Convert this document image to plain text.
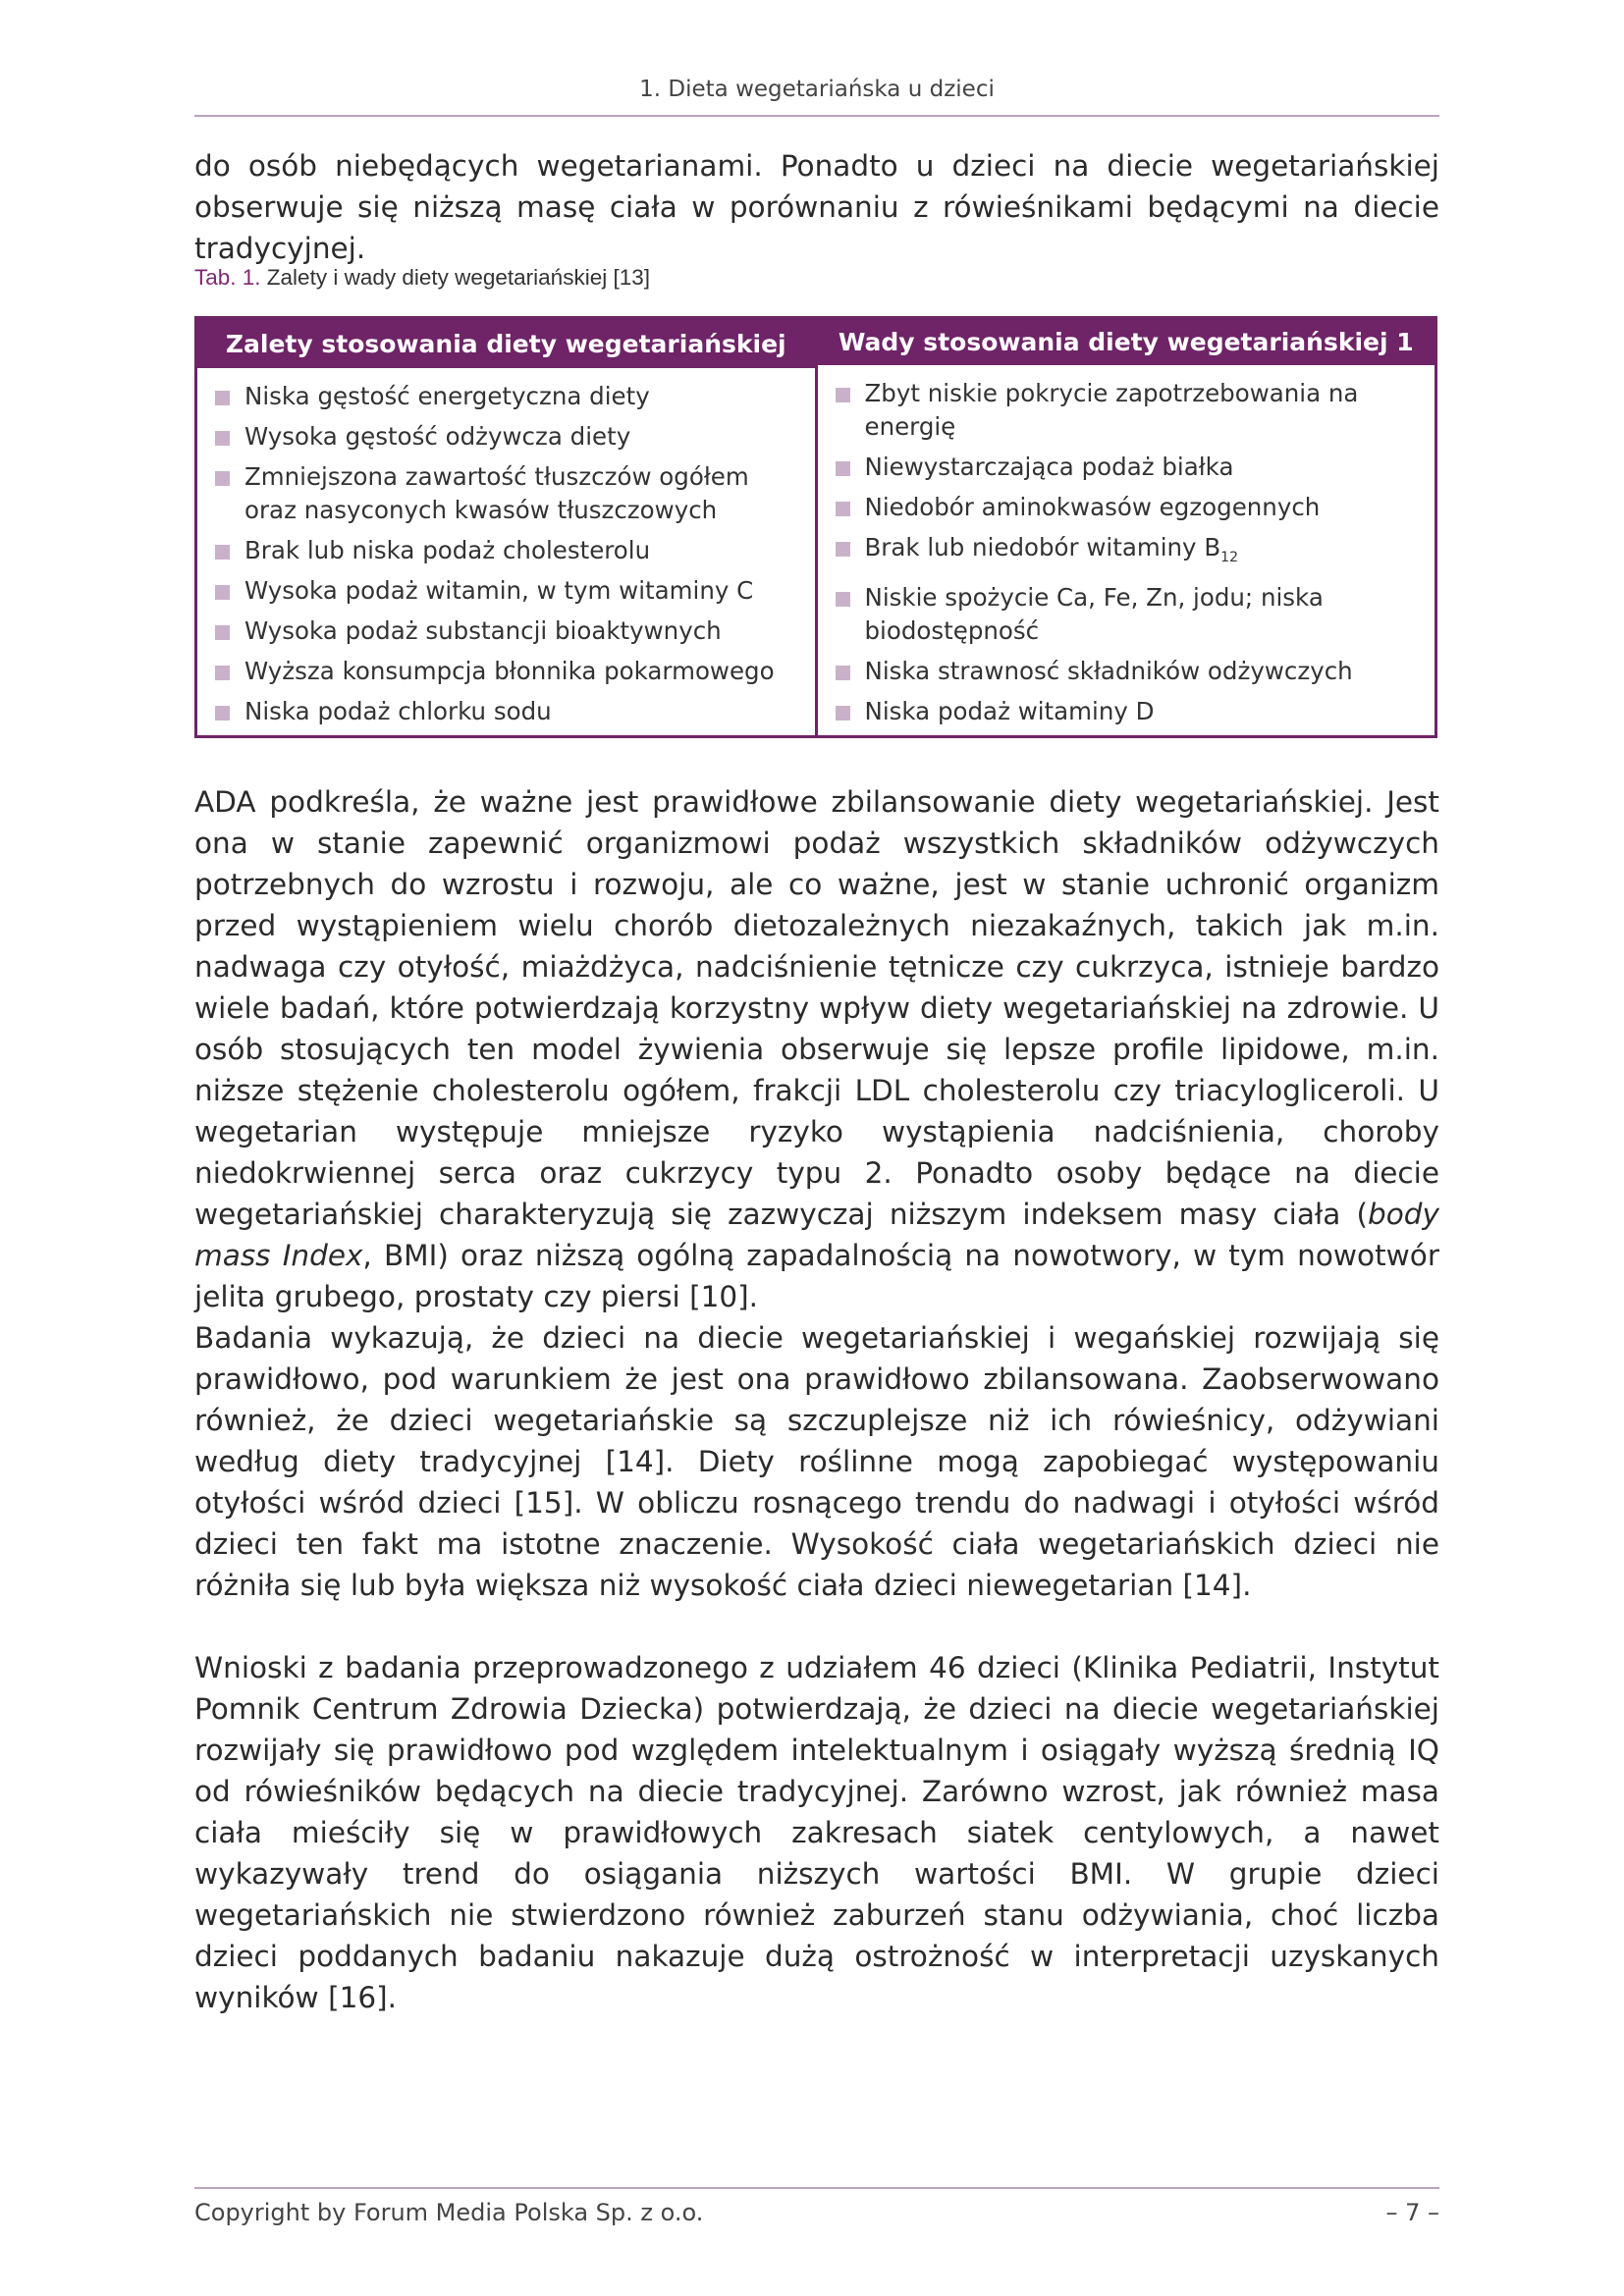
1. Dieta wegetariańska u dzieci

do osób niebędących wegetarianami. Ponadto u dzieci na diecie wegetariańskiej obserwuje się niższą masę ciała w porównaniu z rówieśnikami będącymi na diecie tradycyjnej.

Tab. 1. Zalety i wady diety wegetariańskiej [13]
Zalety stosowania diety wegetariańskiej
Niska gęstość energetyczna diety
Wysoka gęstość odżywcza diety
Zmniejszona zawartość tłuszczów ogółem oraz nasyconych kwasów tłuszczowych
Brak lub niska podaż cholesterolu
Wysoka podaż witamin, w tym witaminy C
Wysoka podaż substancji bioaktywnych
Wyższa konsumpcja błonnika pokarmowego
Niska podaż chlorku sodu
Wady stosowania diety wegetariańskiej 1
Zbyt niskie pokrycie zapotrzebowania na energię
Niewystarczająca podaż białka
Niedobór aminokwasów egzogennych
Brak lub niedobór witaminy $B_{12}$
Niskie spożycie Ca, Fe, Zn, jodu; niska biodostępność
Niska strawnosć składników odżywczych
Niska podaż witaminy D

ADA podkreśla, że ważne jest prawidłowe zbilansowanie diety wegetariańskiej. Jest ona w stanie zapewnić organizmowi podaż wszystkich składników odżywczych potrzebnych do wzrostu i rozwoju, ale co ważne, jest w stanie uchronić organizm przed wystąpieniem wielu chorób dietozależnych niezakaźnych, takich jak m.in. nadwaga czy otyłość, miażdżyca, nadciśnienie tętnicze czy cukrzyca, istnieje bardzo wiele badań, które potwierdzają korzystny wpływ diety wegetariańskiej na zdrowie. U osób stosujących ten model żywienia obserwuje się lepsze profile lipidowe, m.in. niższe stężenie cholesterolu ogółem, frakcji LDL cholesterolu czy triacylogliceroli. U wegetarian występuje mniejsze ryzyko wystąpienia nadciśnienia, choroby niedokrwiennej serca oraz cukrzycy typu 2. Ponadto osoby będące na diecie wegetariańskiej charakteryzują się zazwyczaj niższym indeksem masy ciała (body mass Index, BMI) oraz niższą ogólną zapadalnością na nowotwory, w tym nowotwór jelita grubego, prostaty czy piersi [10].

Badania wykazują, że dzieci na diecie wegetariańskiej i wegańskiej rozwijają się prawidłowo, pod warunkiem że jest ona prawidłowo zbilansowana. Zaobserwowano również, że dzieci wegetariańskie są szczuplejsze niż ich rówieśnicy, odżywiani według diety tradycyjnej [14]. Diety roślinne mogą zapobiegać występowaniu otyłości wśród dzieci [15]. W obliczu rosnącego trendu do nadwagi i otyłości wśród dzieci ten fakt ma istotne znaczenie. Wysokość ciała wegetariańskich dzieci nie różniła się lub była większa niż wysokość ciała dzieci niewegetarian [14].

Wnioski z badania przeprowadzonego z udziałem 46 dzieci (Klinika Pediatrii, Instytut Pomnik Centrum Zdrowia Dziecka) potwierdzają, że dzieci na diecie wegetariańskiej rozwijały się prawidłowo pod względem intelektualnym i osiągały wyższą średnią IQ od rówieśników będących na diecie tradycyjnej. Zarówno wzrost, jak również masa ciała mieściły się w prawidłowych zakresach siatek centylowych, a nawet wykazywały trend do osiągania niższych wartości BMI. W grupie dzieci wegetariańskich nie stwierdzono również zaburzeń stanu odżywiania, choć liczba dzieci poddanych badaniu nakazuje dużą ostrożność w interpretacji uzyskanych wyników [16].

Copyright by Forum Media Polska Sp. z o.o.	– 7 –
